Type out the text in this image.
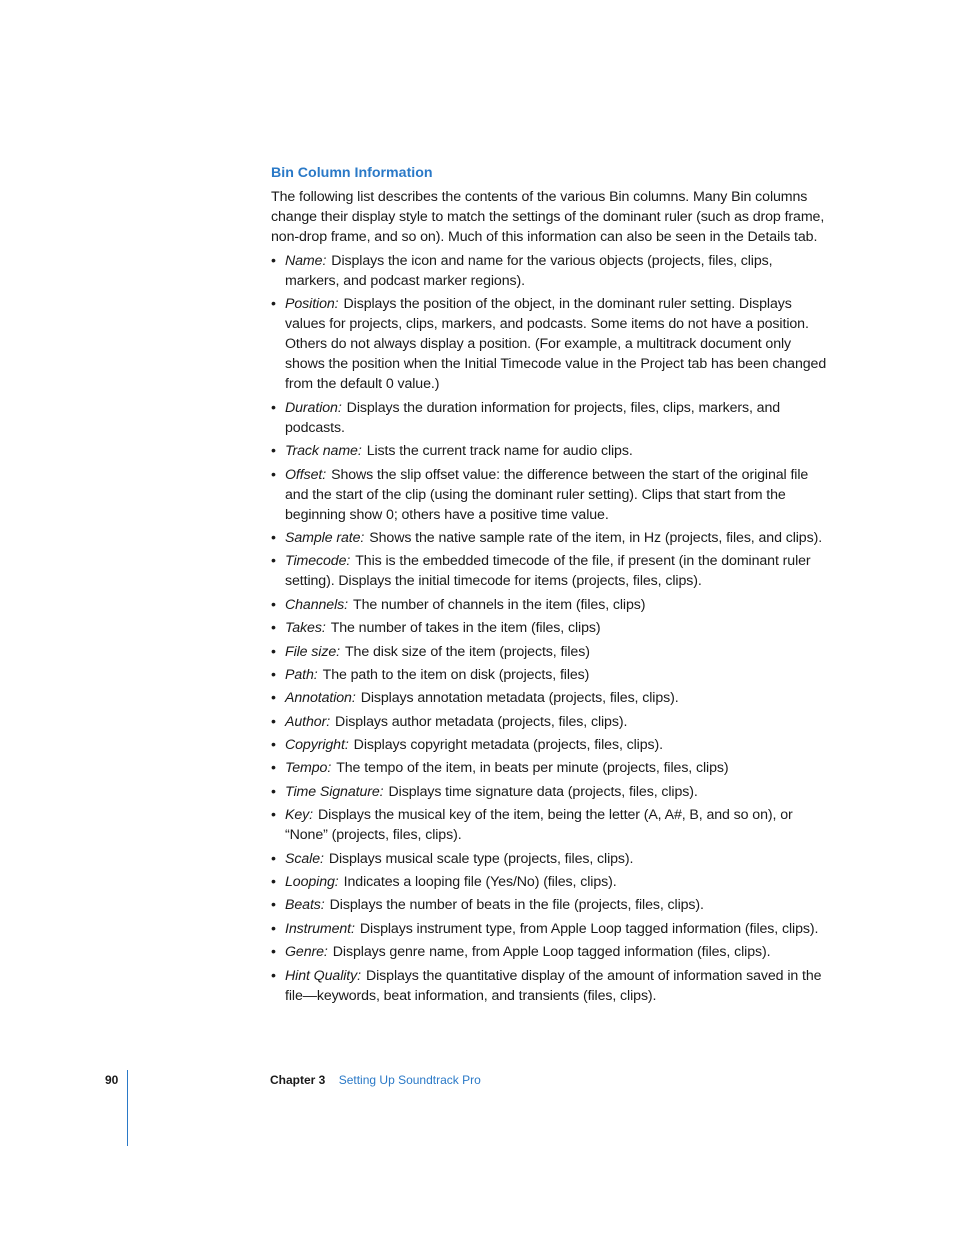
Bin Column Information

The following list describes the contents of the various Bin columns. Many Bin columns change their display style to match the settings of the dominant ruler (such as drop frame, non-drop frame, and so on). Much of this information can also be seen in the Details tab.

• Name: Displays the icon and name for the various objects (projects, files, clips, markers, and podcast marker regions).
• Position: Displays the position of the object, in the dominant ruler setting. Displays values for projects, clips, markers, and podcasts. Some items do not have a position. Others do not always display a position. (For example, a multitrack document only shows the position when the Initial Timecode value in the Project tab has been changed from the default 0 value.)
• Duration: Displays the duration information for projects, files, clips, markers, and podcasts.
• Track name: Lists the current track name for audio clips.
• Offset: Shows the slip offset value: the difference between the start of the original file and the start of the clip (using the dominant ruler setting). Clips that start from the beginning show 0; others have a positive time value.
• Sample rate: Shows the native sample rate of the item, in Hz (projects, files, and clips).
• Timecode: This is the embedded timecode of the file, if present (in the dominant ruler setting). Displays the initial timecode for items (projects, files, clips).
• Channels: The number of channels in the item (files, clips)
• Takes: The number of takes in the item (files, clips)
• File size: The disk size of the item (projects, files)
• Path: The path to the item on disk (projects, files)
• Annotation: Displays annotation metadata (projects, files, clips).
• Author: Displays author metadata (projects, files, clips).
• Copyright: Displays copyright metadata (projects, files, clips).
• Tempo: The tempo of the item, in beats per minute (projects, files, clips)
• Time Signature: Displays time signature data (projects, files, clips).
• Key: Displays the musical key of the item, being the letter (A, A#, B, and so on), or “None” (projects, files, clips).
• Scale: Displays musical scale type (projects, files, clips).
• Looping: Indicates a looping file (Yes/No) (files, clips).
• Beats: Displays the number of beats in the file (projects, files, clips).
• Instrument: Displays instrument type, from Apple Loop tagged information (files, clips).
• Genre: Displays genre name, from Apple Loop tagged information (files, clips).
• Hint Quality: Displays the quantitative display of the amount of information saved in the file—keywords, beat information, and transients (files, clips).
90	Chapter 3 Setting Up Soundtrack Pro
